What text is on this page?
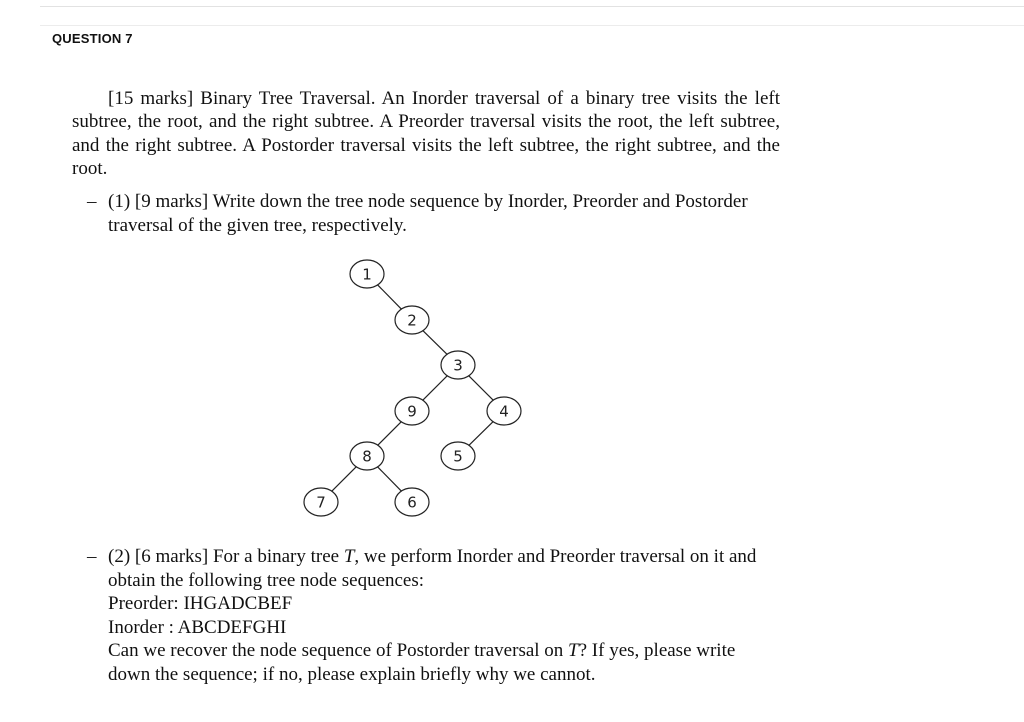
QUESTION 7

[15 marks] Binary Tree Traversal. An Inorder traversal of a binary tree visits the left subtree, the root, and the right subtree. A Preorder traversal visits the root, the left subtree, and the right subtree. A Postorder traversal visits the left subtree, the right subtree, and the root.

– (1) [9 marks] Write down the tree node sequence by Inorder, Preorder and Postorder traversal of the given tree, respectively.

1
2
3
9	4
8	5
7	6
– (2) [6 marks] For a binary tree T, we perform Inorder and Preorder traversal on it and obtain the following tree node sequences:
Preorder: IHGADCBEF
Inorder : ABCDEFGHI
Can we recover the node sequence of Postorder traversal on T? If yes, please write down the sequence; if no, please explain briefly why we cannot.
